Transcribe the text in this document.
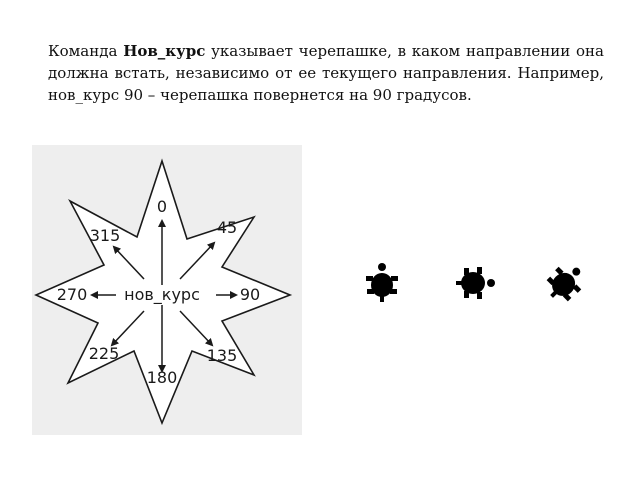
Команда Нов_курс указывает черепашке, в каком направлении она должна встать, независимо от ее текущего направления. Например, нов_курс 90 – черепашка повернется на 90 градусов.

нов_курс
0
45
90
135
180
225
270
315
